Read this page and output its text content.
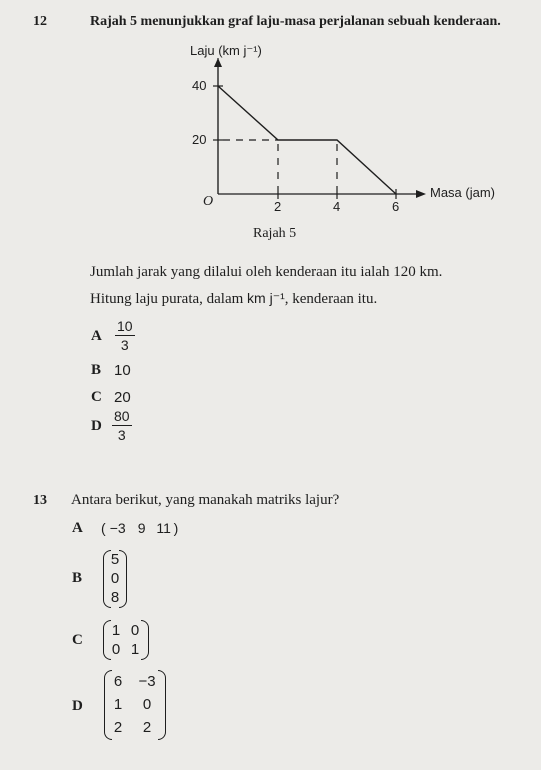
12	Rajah 5 menunjukkan graf laju-masa perjalanan sebuah kenderaan.
Laju (km j⁻¹)
40
20
O	2	4	6
Masa (jam)
Rajah 5
Jumlah jarak yang dilalui oleh kenderaan itu ialah 120 km.
Hitung laju purata, dalam km j⁻¹, kenderaan itu.
A
10
3
B 10
C 20
D
80
3
13 Antara berikut, yang manakah matriks lajur?
A ( −3 9 11 )
B
5
0
8
C
1 0
0 1
D
6 −3
1	0
2	2
